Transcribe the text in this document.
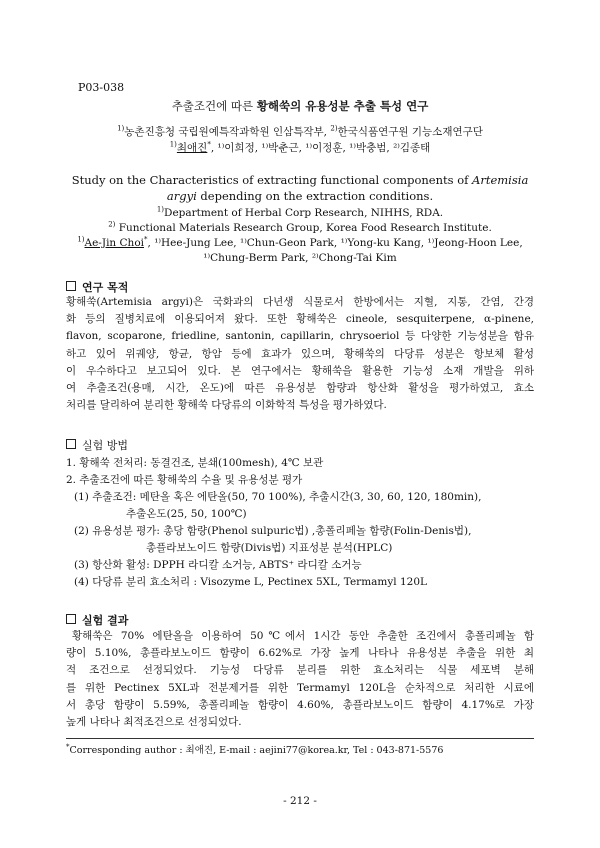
P03-038
추출조건에 따른 황해쑥의 유용성분 추출 특성 연구
$^{1)}$농촌진흥청 국립원예특작과학원 인삼특작부, $^{2)}$한국식품연구원 기능소재연구단
$^{1)}$최애진*, ¹⁾이희정, ¹⁾박춘근, ¹⁾이정훈, ¹⁾박충범, ²⁾김종태
Study on the Characteristics of extracting functional components of Artemisia
argyi depending on the extraction conditions.
$^{1)}$Department of Herbal Corp Research, NIHHS, RDA.
$^{2)}$ Functional Materials Research Group, Korea Food Research Institute.
$^{1)}$Ae-Jin Choi*, ¹⁾Hee-Jung Lee, ¹⁾Chun-Geon Park, ¹⁾Yong-ku Kang, ¹⁾Jeong-Hoon Lee,
¹⁾Chung-Berm Park, ²⁾Chong-Tai Kim
연구 목적
황해쑥(Artemisia argyi)은 국화과의 다년생 식물로서 한방에서는 지혈, 지통, 간염, 간경
화 등의 질병치료에 이용되어져 왔다. 또한 황해쑥은 cineole, sesquiterpene, α-pinene,
flavon, scoparone, friedline, santonin, capillarin, chrysoeriol 등 다양한 기능성분을 함유
하고 있어 위궤양, 항균, 항암 등에 효과가 있으며, 황해쑥의 다당류 성분은 항보체 활성
이 우수하다고 보고되어 있다. 본 연구에서는 황해쑥을 활용한 기능성 소재 개발을 위하
여 추출조건(용매, 시간, 온도)에 따른 유용성분 함량과 항산화 활성을 평가하였고, 효소
처리를 달리하여 분리한 황해쑥 다당류의 이화학적 특성을 평가하였다.
실험 방법
1. 황해쑥 전처리: 동결건조, 분쇄(100mesh), 4℃ 보관
2. 추출조건에 따른 황해쑥의 수율 및 유용성분 평가
(1) 추출조건: 메탄올 혹은 에탄올(50, 70 100%), 추출시간(3, 30, 60, 120, 180min),
추출온도(25, 50, 100℃)
(2) 유용성분 평가: 총당 함량(Phenol sulpuric법) ,총폴리페놀 함량(Folin-Denis법),
총플라보노이드 함량(Divis법) 지표성분 분석(HPLC)
(3) 항산화 활성: DPPH 라디칼 소거능, ABTS⁺ 라디칼 소거능
(4) 다당류 분리 효소처리 : Visozyme L, Pectinex 5XL, Termamyl 120L
실험 결과
황해쑥은 70% 에탄올을 이용하여 50℃에서 1시간 동안 추출한 조건에서 총폴리페놀 함
량이 5.10%, 총플라보노이드 함량이 6.62%로 가장 높게 나타나 유용성분 추출을 위한 최
적 조건으로 선정되었다. 기능성 다당류 분리를 위한 효소처리는 식물 세포벽 분해
를 위한 Pectinex 5XL과 전분제거를 위한 Termamyl 120L을 순차적으로 처리한 시료에
서 총당 함량이 5.59%, 총폴리페놀 함량이 4.60%, 총플라보노이드 함량이 4.17%로 가장
높게 나타나 최적조건으로 선정되었다.
*Corresponding author : 최애진, E-mail : aejini77@korea.kr, Tel : 043-871-5576
- 212 -
